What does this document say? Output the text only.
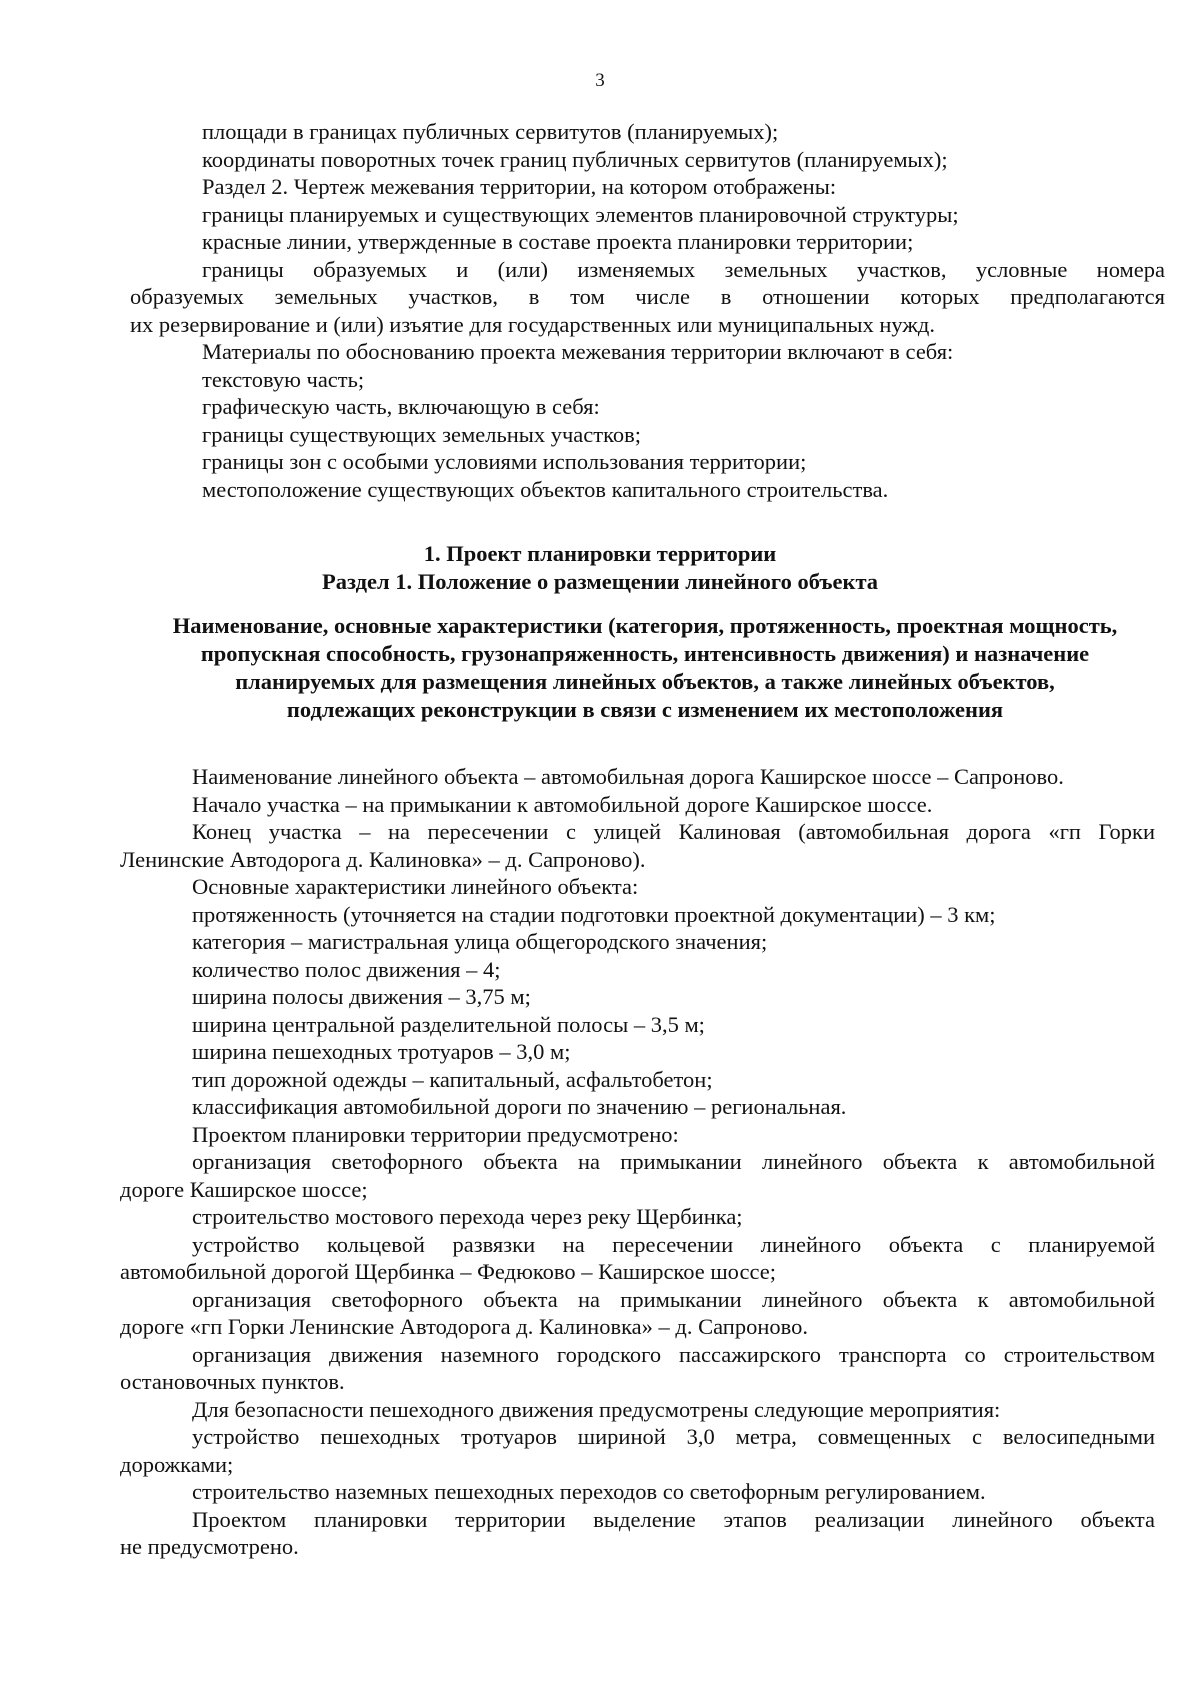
3
площади в границах публичных сервитутов (планируемых);
координаты поворотных точек границ публичных сервитутов (планируемых);
Раздел 2. Чертеж межевания территории, на котором отображены:
границы планируемых и существующих элементов планировочной структуры;
красные линии, утвержденные в составе проекта планировки территории;
границы образуемых и (или) изменяемых земельных участков, условные номера
образуемых земельных участков, в том числе в отношении которых предполагаются
их резервирование и (или) изъятие для государственных или муниципальных нужд.
Материалы по обоснованию проекта межевания территории включают в себя:
текстовую часть;
графическую часть, включающую в себя:
границы существующих земельных участков;
границы зон с особыми условиями использования территории;
местоположение существующих объектов капитального строительства.
1. Проект планировки территории
Раздел 1. Положение о размещении линейного объекта
Наименование, основные характеристики (категория, протяженность, проектная мощность,
пропускная способность, грузонапряженность, интенсивность движения) и назначение
планируемых для размещения линейных объектов, а также линейных объектов,
подлежащих реконструкции в связи с изменением их местоположения
Наименование линейного объекта – автомобильная дорога Каширское шоссе – Сапроново.
Начало участка – на примыкании к автомобильной дороге Каширское шоссе.
Конец участка – на пересечении с улицей Калиновая (автомобильная дорога «гп Горки
Ленинские Автодорога д. Калиновка» – д. Сапроново).
Основные характеристики линейного объекта:
протяженность (уточняется на стадии подготовки проектной документации) – 3 км;
категория – магистральная улица общегородского значения;
количество полос движения – 4;
ширина полосы движения – 3,75 м;
ширина центральной разделительной полосы – 3,5 м;
ширина пешеходных тротуаров – 3,0 м;
тип дорожной одежды – капитальный, асфальтобетон;
классификация автомобильной дороги по значению – региональная.
Проектом планировки территории предусмотрено:
организация светофорного объекта на примыкании линейного объекта к автомобильной
дороге Каширское шоссе;
строительство мостового перехода через реку Щербинка;
устройство кольцевой развязки на пересечении линейного объекта с планируемой
автомобильной дорогой Щербинка – Федюково – Каширское шоссе;
организация светофорного объекта на примыкании линейного объекта к автомобильной
дороге «гп Горки Ленинские Автодорога д. Калиновка» – д. Сапроново.
организация движения наземного городского пассажирского транспорта со строительством
остановочных пунктов.
Для безопасности пешеходного движения предусмотрены следующие мероприятия:
устройство пешеходных тротуаров шириной 3,0 метра, совмещенных с велосипедными
дорожками;
строительство наземных пешеходных переходов со светофорным регулированием.
Проектом планировки территории выделение этапов реализации линейного объекта
не предусмотрено.
